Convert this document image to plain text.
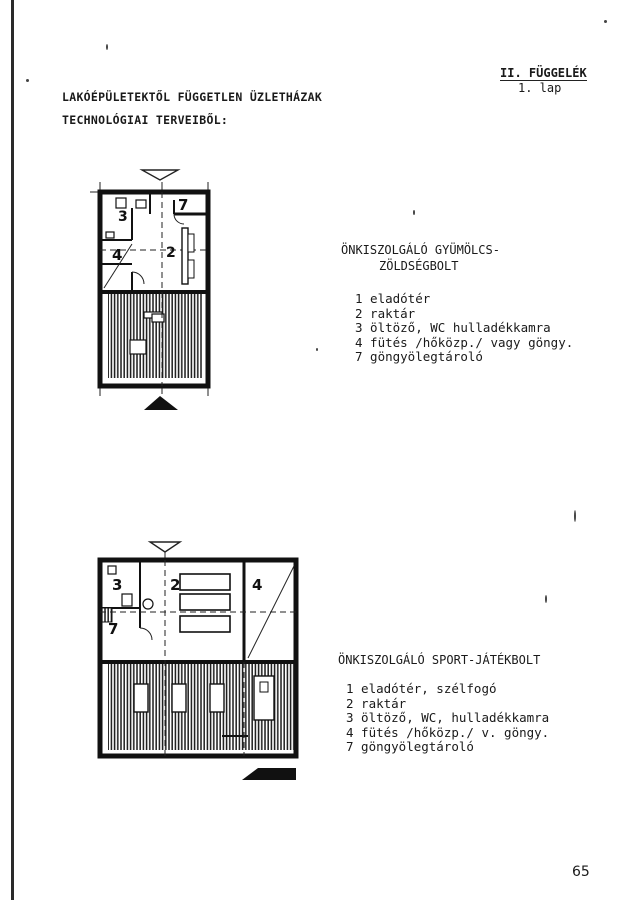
LAKÓÉPÜLETEKTŐL FÜGGETLEN ÜZLETHÁZAK
TECHNOLÓGIAI TERVEIBŐL:
II. FÜGGELÉK
1. lap
3
7
4	2	ÖNKISZOLGÁLÓ GYÜMÖLCS-
ZÖLDSÉGBOLT
1 eladótér
2 raktár
3 öltöző, WC hulladékkamra
4 fütés /hőközp./ vagy göngy.
7 göngyölegtároló
3	2	4
7
ÖNKISZOLGÁLÓ SPORT-JÁTÉKBOLT
1 eladótér, szélfogó
2 raktár
3 öltöző, WC, hulladékkamra
4 fütés /hőközp./ v. göngy.
7 göngyölegtároló
65
